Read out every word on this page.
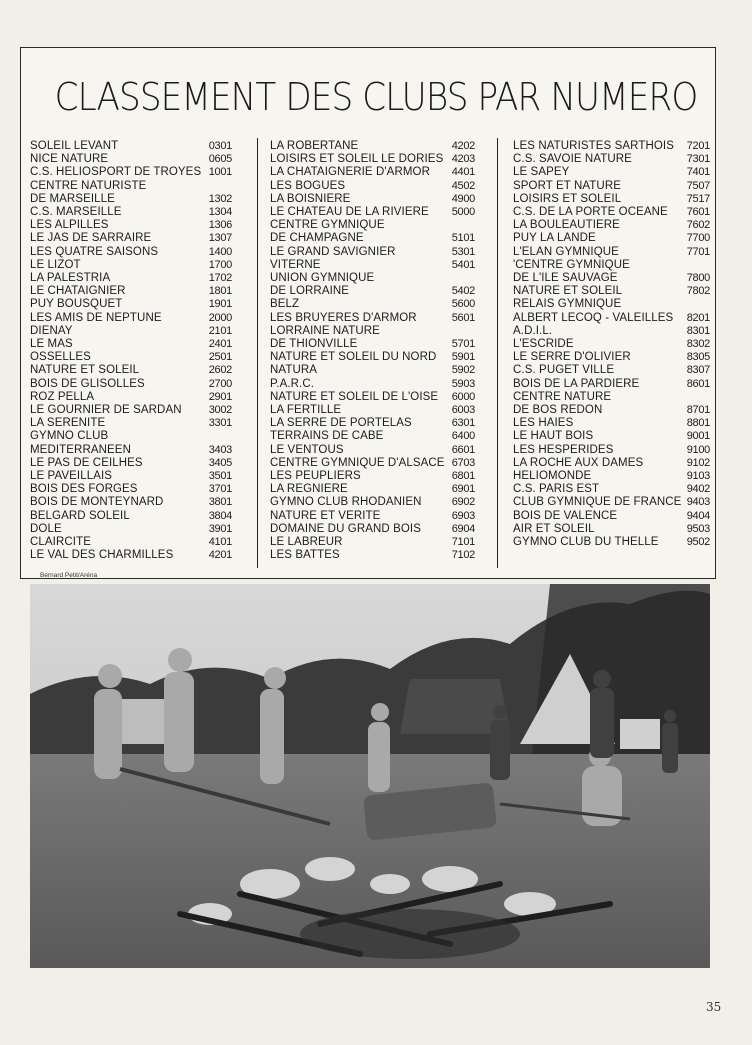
CLASSEMENT DES CLUBS PAR NUMERO
SOLEIL LEVANT	0301
NICE NATURE	0605
C.S. HELIOSPORT DE TROYES 1001
CENTRE NATURISTE
DE MARSEILLE	1302
C.S. MARSEILLE	1304
LES ALPILLES	1306
LE JAS DE SARRAIRE	1307
LES QUATRE SAISONS	1400
LE LIZOT	1700
LA PALESTRIA	1702
LE CHATAIGNIER	1801
PUY BOUSQUET	1901
LES AMIS DE NEPTUNE	2000
DIENAY	2101
LE MAS	2401
OSSELLES	2501
NATURE ET SOLEIL	2602
BOIS DE GLISOLLES	2700
ROZ PELLA	2901
LE GOURNIER DE SARDAN 3002
LA SERENITE	3301
GYMNO CLUB
MEDITERRANEEN	3403
LE PAS DE CEILHES	3405
LE PAVEILLAIS	3501
BOIS DES FORGES	3701
BOIS DE MONTEYNARD	3801
BELGARD SOLEIL	3804
DOLE	3901
CLAIRCITE	4101
LE VAL DES CHARMILLES	4201
LA ROBERTANE	4202
LOISIRS ET SOLEIL LE DORIES 4203
LA CHATAIGNERIE D'ARMOR 4401
LES BOGUES	4502
LA BOISNIERE	4900
LE CHATEAU DE LA RIVIERE 5000
CENTRE GYMNIQUE
DE CHAMPAGNE	5101
LE GRAND SAVIGNIER	5301
VITERNE	5401
UNION GYMNIQUE
DE LORRAINE	5402
BELZ	5600
LES BRUYERES D'ARMOR	5601
LORRAINE NATURE
DE THIONVILLE	5701
NATURE ET SOLEIL DU NORD 5901
NATURA	5902
P.A.R.C.	5903
NATURE ET SOLEIL DE L'OISE 6000
LA FERTILLE	6003
LA SERRE DE PORTELAS	6301
TERRAINS DE CABE	6400
LE VENTOUS	6601
CENTRE GYMNIQUE D'ALSACE 6703
LES PEUPLIERS	6801
LA REGNIERE	6901
GYMNO CLUB RHODANIEN	6902
NATURE ET VERITE	6903
DOMAINE DU GRAND BOIS	6904
LE LABREUR	7101
LES BATTES	7102
LES NATURISTES SARTHOIS 7201
C.S. SAVOIE NATURE	7301
LE SAPEY	7401
SPORT ET NATURE	7507
LOISIRS ET SOLEIL	7517
C.S. DE LA PORTE OCEANE 7601
LA BOULEAUTIERE	7602
PUY LA LANDE	7700
L'ELAN GYMNIQUE	7701
'CENTRE GYMNIQUE
DE L'ILE SAUVAGE	7800
NATURE ET SOLEIL	7802
RELAIS GYMNIQUE
ALBERT LECOQ - VALEILLES 8201
A.D.I.L.	8301
L'ESCRIDE	8302
LE SERRE D'OLIVIER	8305
C.S. PUGET VILLE	8307
BOIS DE LA PARDIERE	8601
CENTRE NATURE
DE BOS REDON	8701
LES HAIES	8801
LE HAUT BOIS	9001
LES HESPERIDES	9100
LA ROCHE AUX DAMES	9102
HELIOMONDE	9103
C.S. PARIS EST	9402
CLUB GYMNIQUE DE FRANCE 9403
BOIS DE VALENCE	9404
AIR ET SOLEIL	9503
GYMNO CLUB DU THELLE	9502
Bernard Petit/Aréna
35
